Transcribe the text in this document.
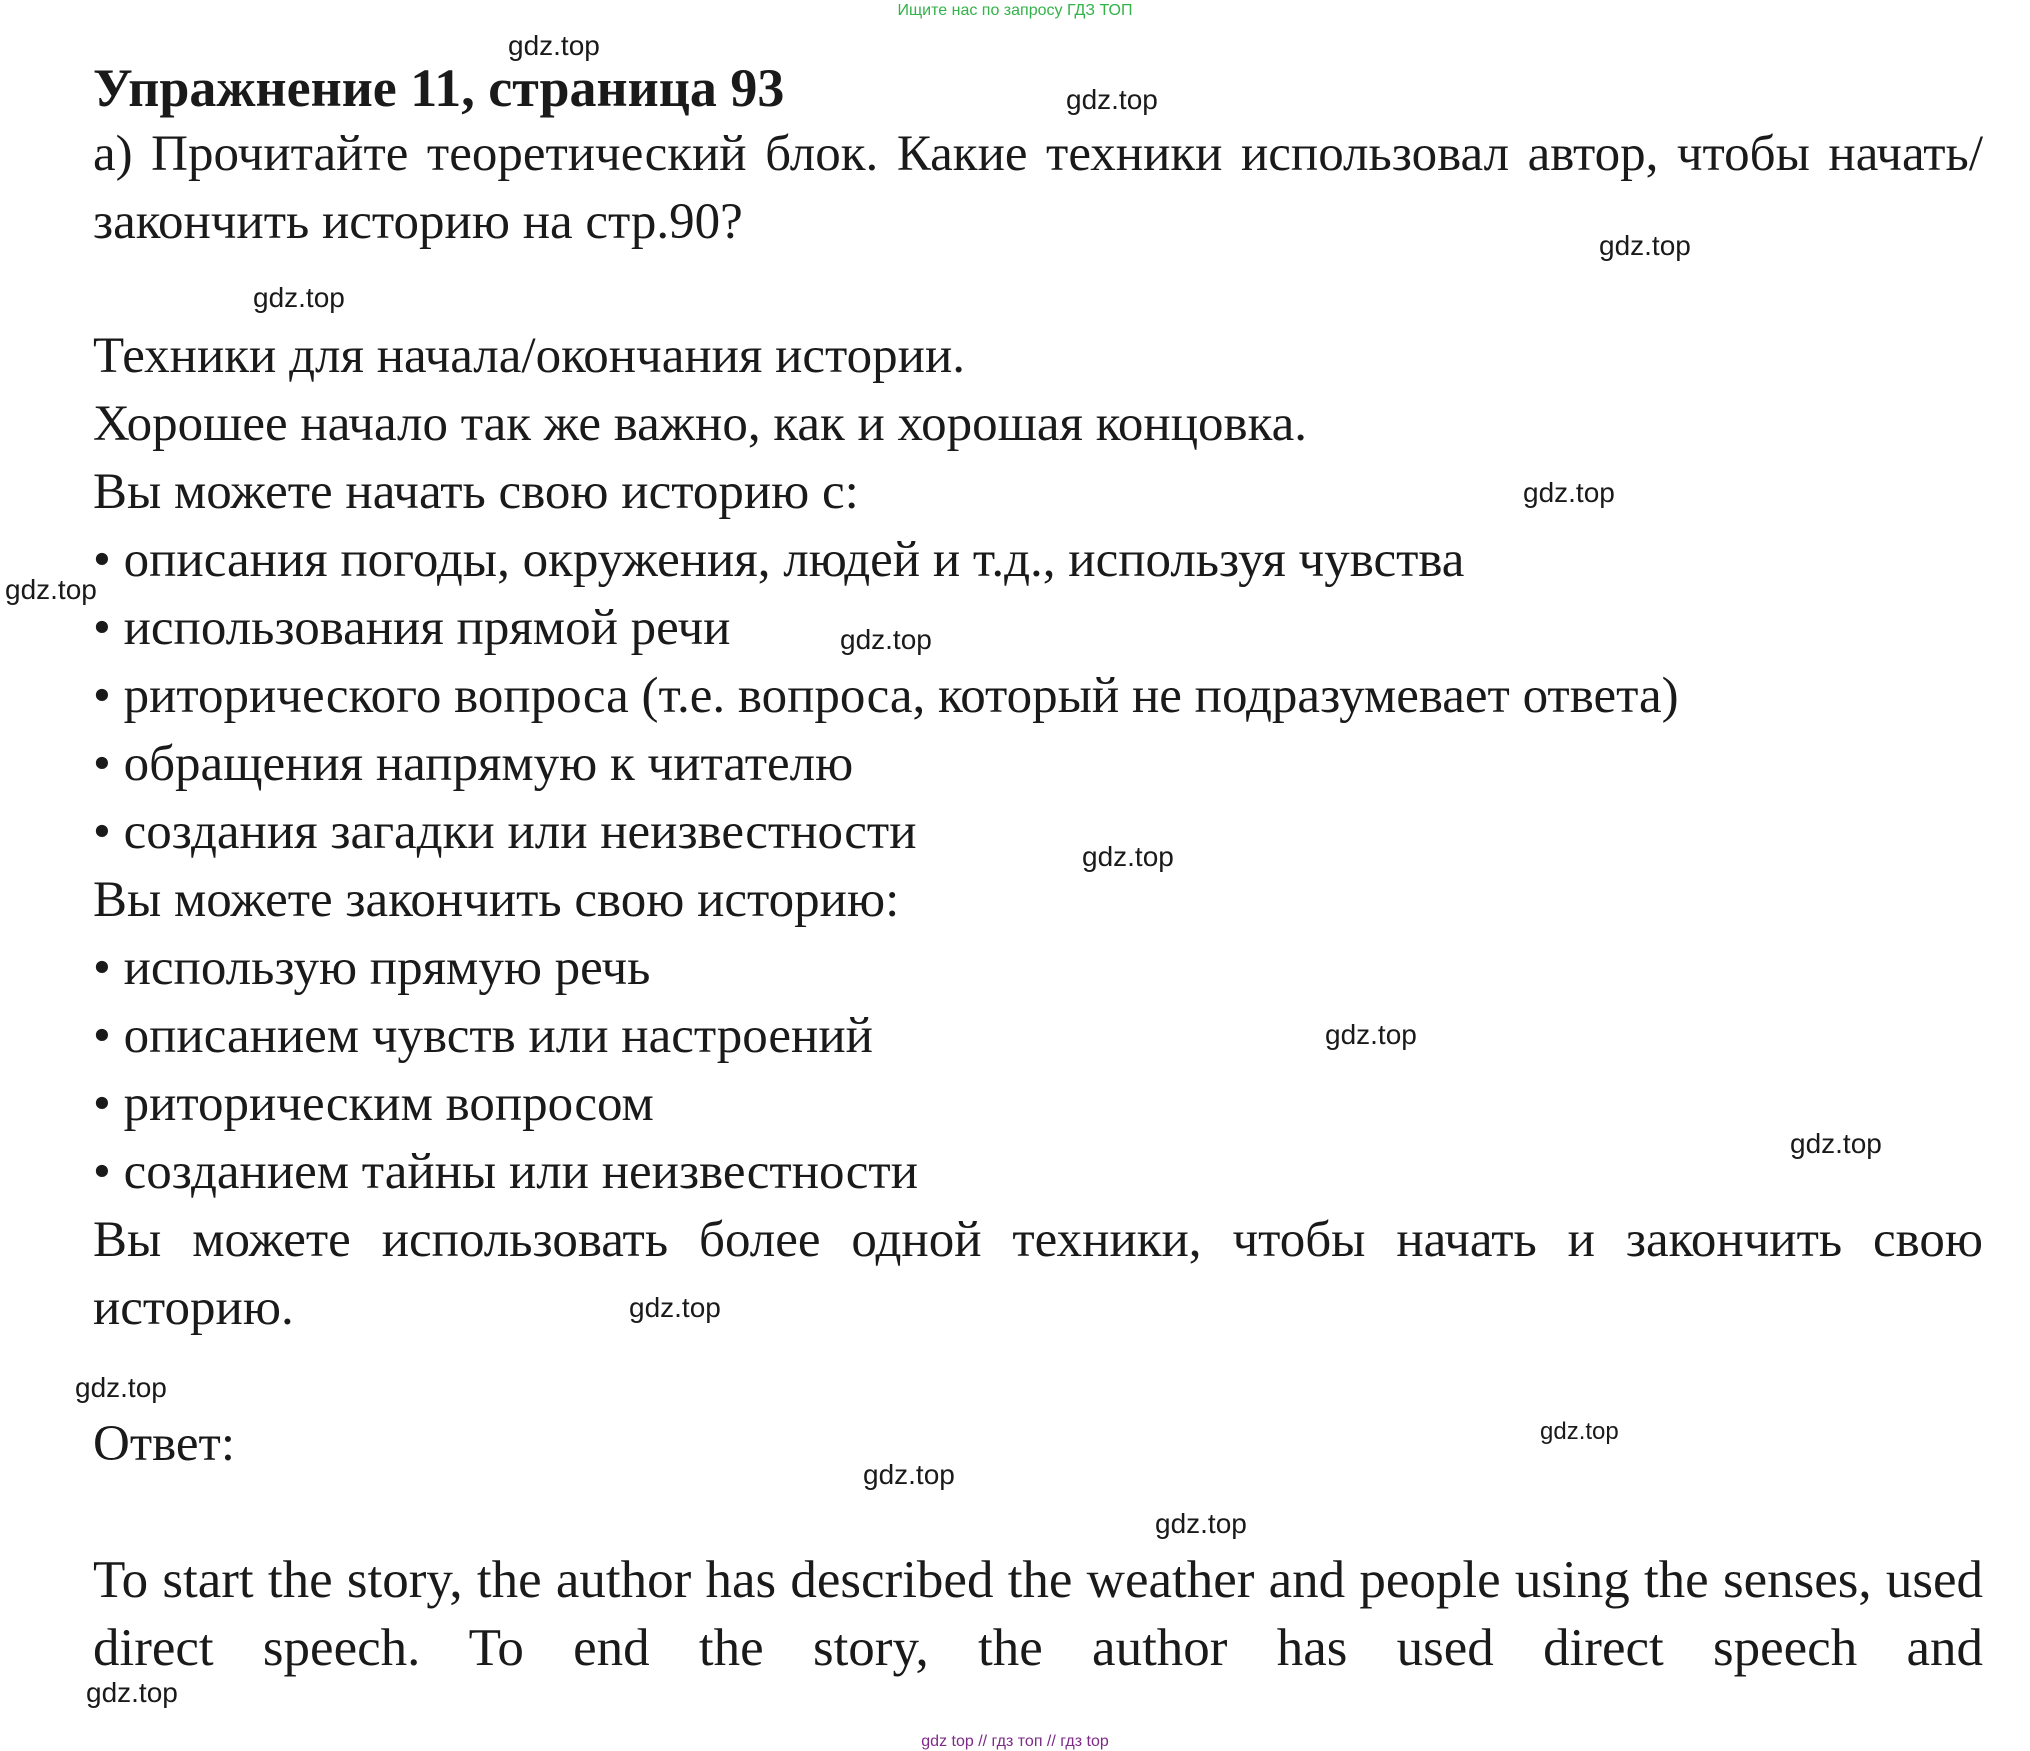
Ищите нас по запросу ГДЗ ТОП
Упражнение 11, страница 93
а) Прочитайте теоретический блок. Какие техники использовал автор, чтобы начать/закончить историю на стр.90?
Техники для начала/окончания истории.
Хорошее начало так же важно, как и хорошая концовка.
Вы можете начать свою историю с:
• описания погоды, окружения, людей и т.д., используя чувства
• использования прямой речи
• риторического вопроса (т.е. вопроса, который не подразумевает ответа)
• обращения напрямую к читателю
• создания загадки или неизвестности
Вы можете закончить свою историю:
• использую прямую речь
• описанием чувств или настроений
• риторическим вопросом
• созданием тайны или неизвестности
Вы можете использовать более одной техники, чтобы начать и закончить свою историю.
Ответ:
To start the story, the author has described the weather and people using the senses, used direct speech. To end the story, the author has used direct speech and
gdz.top
gdz.top
gdz.top
gdz.top
gdz.top
gdz.top
gdz.top
gdz.top
gdz.top
gdz.top
gdz.top
gdz.top
gdz.top
gdz.top
gdz.top
gdz.top
gdz top // гдз топ // гдз top
